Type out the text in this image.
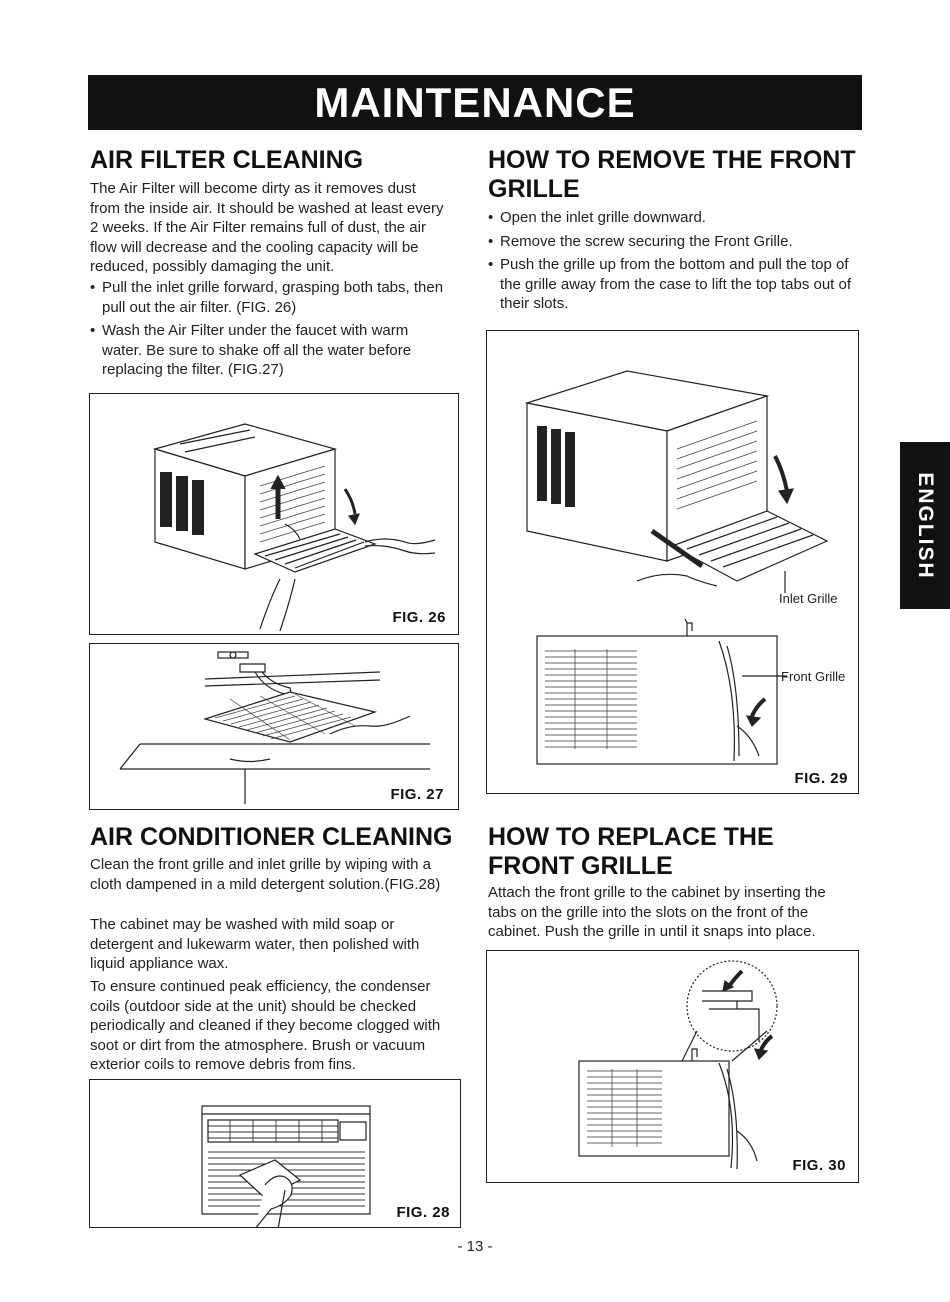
MAINTENANCE
ENGLISH
AIR FILTER CLEANING

The Air Filter will become dirty as it removes dust from the inside air. It should be washed at least every 2 weeks. If the Air Filter remains full of dust, the air flow will decrease and the cooling capacity will be reduced, possibly damaging the unit.

• Pull the inlet grille forward, grasping both tabs, then pull out the air filter. (FIG. 26)
• Wash the Air Filter under the faucet with warm water. Be sure to shake off all the water before replacing the filter. (FIG.27)
FIG. 26
FIG. 27
AIR CONDITIONER CLEANING

Clean the front grille and inlet grille by wiping with a cloth dampened in a mild detergent solution.(FIG.28)

The cabinet may be washed with mild soap or detergent and lukewarm water, then polished with liquid appliance wax.

To ensure continued peak efficiency, the condenser coils (outdoor side at the unit) should be checked periodically and cleaned if they become clogged with soot or dirt from the atmosphere. Brush or vacuum exterior coils to remove debris from fins.

FIG. 28
HOW TO REMOVE THE FRONT GRILLE
• Open the inlet grille downward.
• Remove the screw securing the Front Grille.
• Push the grille up from the bottom and pull the top of the grille away from the case to lift the top tabs out of their slots.
Inlet Grille
Front Grille
FIG. 29
HOW TO REPLACE THE FRONT GRILLE

Attach the front grille to the cabinet by inserting the tabs on the grille into the slots on the front of the cabinet. Push the grille in until it snaps into place.

FIG. 30
- 13 -
